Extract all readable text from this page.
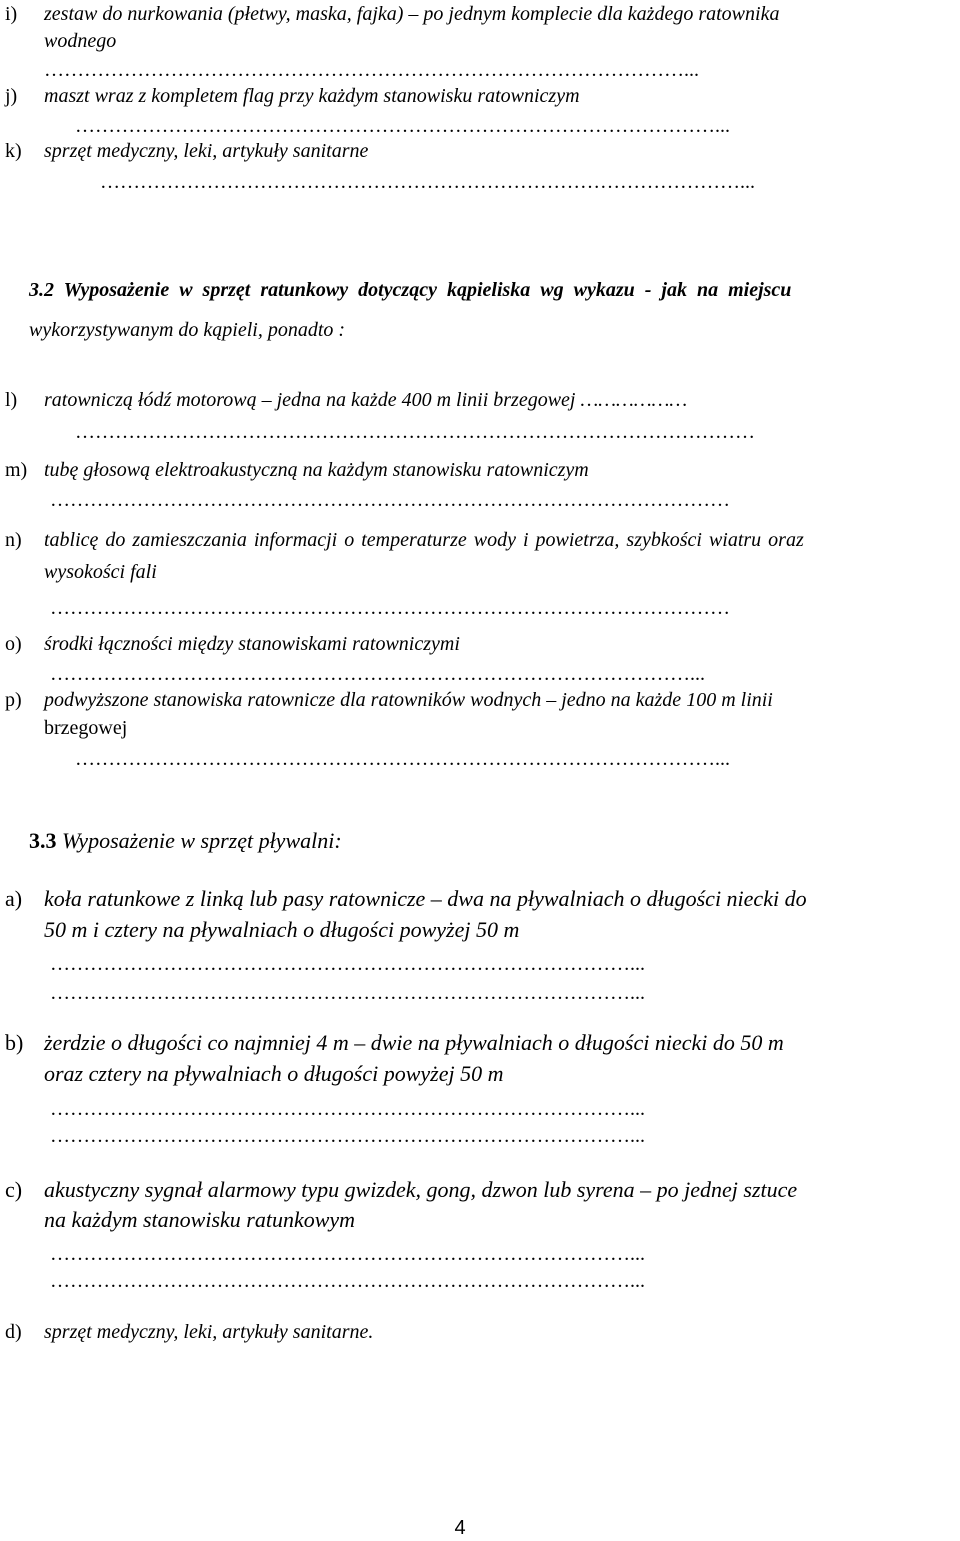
i) zestaw do nurkowania (płetwy, maska, fajka) – po jednym komplecie dla każdego ratownika
wodnego
……………………………………………………………………………………...
j) maszt wraz z kompletem flag przy każdym stanowisku ratowniczym
……………………………………………………………………………………...
k) sprzęt medyczny, leki, artykuły sanitarne
……………………………………………………………………………………...
3.2 Wyposażenie w sprzęt ratunkowy dotyczący kąpieliska wg wykazu - jak na miejscu
wykorzystywanym do kąpieli, ponadto :
l) ratowniczą łódź motorową – jedna na każde 400 m linii brzegowej ………………
…………………………………………………………………………………………
m) tubę głosową elektroakustyczną na każdym stanowisku ratowniczym
…………………………………………………………………………………………
n) tablicę do zamieszczania informacji o temperaturze wody i powietrza, szybkości wiatru oraz
wysokości fali
…………………………………………………………………………………………
o) środki łączności między stanowiskami ratowniczymi
……………………………………………………………………………………...
p) podwyższone stanowiska ratownicze dla ratowników wodnych – jedno na każde 100 m linii
brzegowej
……………………………………………………………………………………...
3.3 Wyposażenie w sprzęt pływalni:
a) koła ratunkowe z linką lub pasy ratownicze – dwa na pływalniach o długości niecki do
50 m i cztery na pływalniach o długości powyżej 50 m
……………………………………………………………………………...
……………………………………………………………………………...
b) żerdzie o długości co najmniej 4 m – dwie na pływalniach o długości niecki do 50 m
oraz cztery na pływalniach o długości powyżej 50 m
……………………………………………………………………………...
……………………………………………………………………………...
c) akustyczny sygnał alarmowy typu gwizdek, gong, dzwon lub syrena – po jednej sztuce
na każdym stanowisku ratunkowym
……………………………………………………………………………...
……………………………………………………………………………...
d) sprzęt medyczny, leki, artykuły sanitarne.
4
